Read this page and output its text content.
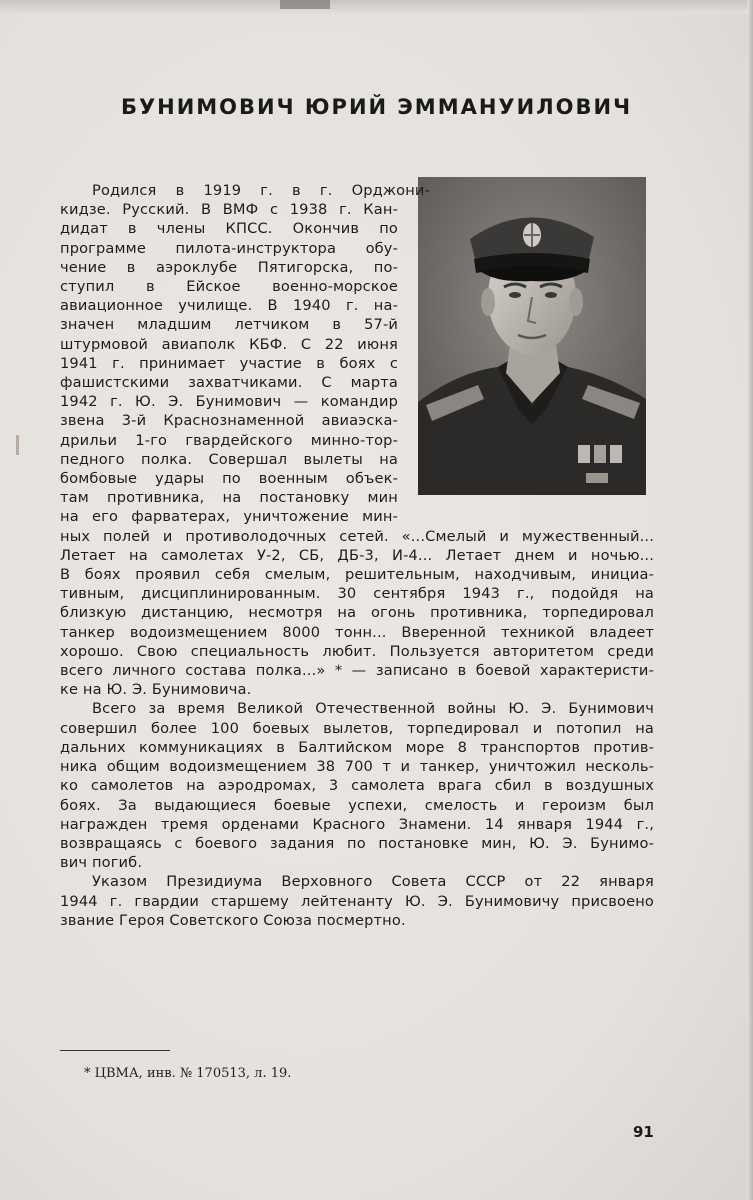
БУНИМОВИЧ ЮРИЙ ЭММАНУИЛОВИЧ
Родился в 1919 г. в г. Орджони-
кидзе. Русский. В ВМФ с 1938 г. Кан-
дидат в члены КПСС. Окончив по
программе пилота-инструктора обу-
чение в аэроклубе Пятигорска, по-
ступил в Ейское военно-морское
авиационное училище. В 1940 г. на-
значен младшим летчиком в 57-й
штурмовой авиаполк КБФ. С 22 июня
1941 г. принимает участие в боях с
фашистскими захватчиками. С марта
1942 г. Ю. Э. Бунимович — командир
звена 3-й Краснознаменной авиаэска-
дрильи 1-го гвардейского минно-тор-
педного полка. Совершал вылеты на
бомбовые удары по военным объек-
там противника, на постановку мин
на его фарватерах, уничтожение мин-
ных полей и противолодочных сетей. «...Смелый и мужественный...
Летает на самолетах У-2, СБ, ДБ-3, И-4... Летает днем и ночью...
В боях проявил себя смелым, решительным, находчивым, инициа-
тивным, дисциплинированным. 30 сентября 1943 г., подойдя на
близкую дистанцию, несмотря на огонь противника, торпедировал
танкер водоизмещением 8000 тонн... Вверенной техникой владеет
хорошо. Свою специальность любит. Пользуется авторитетом среди
всего личного состава полка...» * — записано в боевой характеристи-
ке на Ю. Э. Бунимовича.
Всего за время Великой Отечественной войны Ю. Э. Бунимович
совершил более 100 боевых вылетов, торпедировал и потопил на
дальних коммуникациях в Балтийском море 8 транспортов против-
ника общим водоизмещением 38 700 т и танкер, уничтожил несколь-
ко самолетов на аэродромах, 3 самолета врага сбил в воздушных
боях. За выдающиеся боевые успехи, смелость и героизм был
награжден тремя орденами Красного Знамени. 14 января 1944 г.,
возвращаясь с боевого задания по постановке мин, Ю. Э. Бунимо-
вич погиб.
Указом Президиума Верховного Совета СССР от 22 января
1944 г. гвардии старшему лейтенанту Ю. Э. Бунимовичу присвоено
звание Героя Советского Союза посмертно.
* ЦВМА, инв. № 170513, л. 19.
91
